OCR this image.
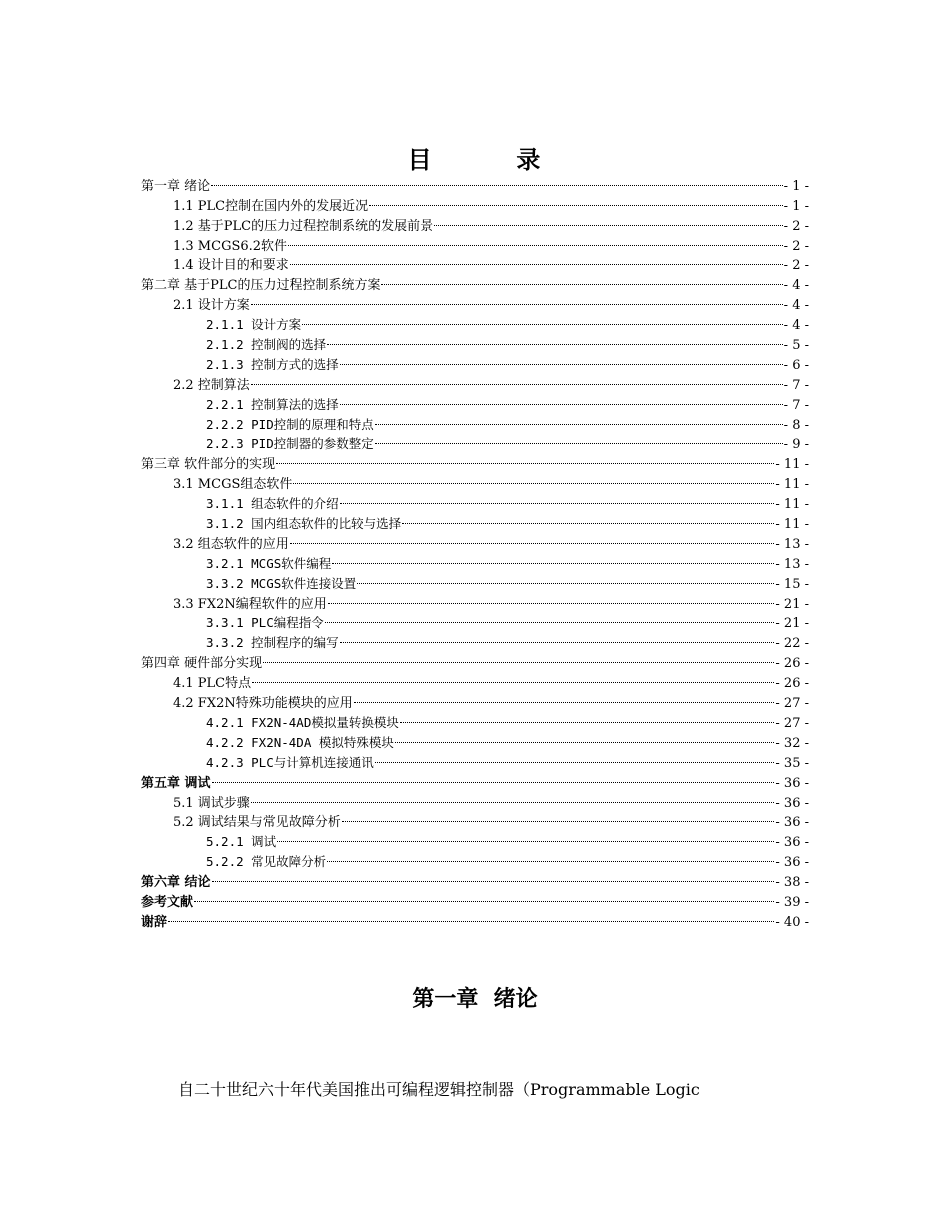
目        录
第一章 绪论	- 1 -
1.1 PLC控制在国内外的发展近况	- 1 -
1.2 基于PLC的压力过程控制系统的发展前景	- 2 -
1.3 MCGS6.2软件	- 2 -
1.4 设计目的和要求	- 2 -
第二章 基于PLC的压力过程控制系统方案	- 4 -
2.1 设计方案	- 4 -
2.1.1 设计方案	- 4 -
2.1.2 控制阀的选择	- 5 -
2.1.3 控制方式的选择	- 6 -
2.2 控制算法	- 7 -
2.2.1 控制算法的选择	- 7 -
2.2.2 PID控制的原理和特点	- 8 -
2.2.3 PID控制器的参数整定	- 9 -
第三章 软件部分的实现	- 11 -
3.1 MCGS组态软件	- 11 -
3.1.1 组态软件的介绍	- 11 -
3.1.2 国内组态软件的比较与选择	- 11 -
3.2 组态软件的应用	- 13 -
3.2.1 MCGS软件编程	- 13 -
3.3.2 MCGS软件连接设置	- 15 -
3.3 FX2N编程软件的应用	- 21 -
3.3.1 PLC编程指令	- 21 -
3.3.2 控制程序的编写	- 22 -
第四章 硬件部分实现	- 26 -
4.1 PLC特点	- 26 -
4.2 FX2N特殊功能模块的应用	- 27 -
4.2.1 FX2N-4AD模拟量转换模块	- 27 -
4.2.2 FX2N-4DA 模拟特殊模块	- 32 -
4.2.3 PLC与计算机连接通讯	- 35 -
第五章 调试	- 36 -
5.1 调试步骤	- 36 -
5.2 调试结果与常见故障分析	- 36 -
5.2.1 调试	- 36 -
5.2.2 常见故障分析	- 36 -
第六章 结论	- 38 -
参考文献	- 39 -
谢辞	- 40 -
第一章  绪论
自二十世纪六十年代美国推出可编程逻辑控制器（Programmable Logic
